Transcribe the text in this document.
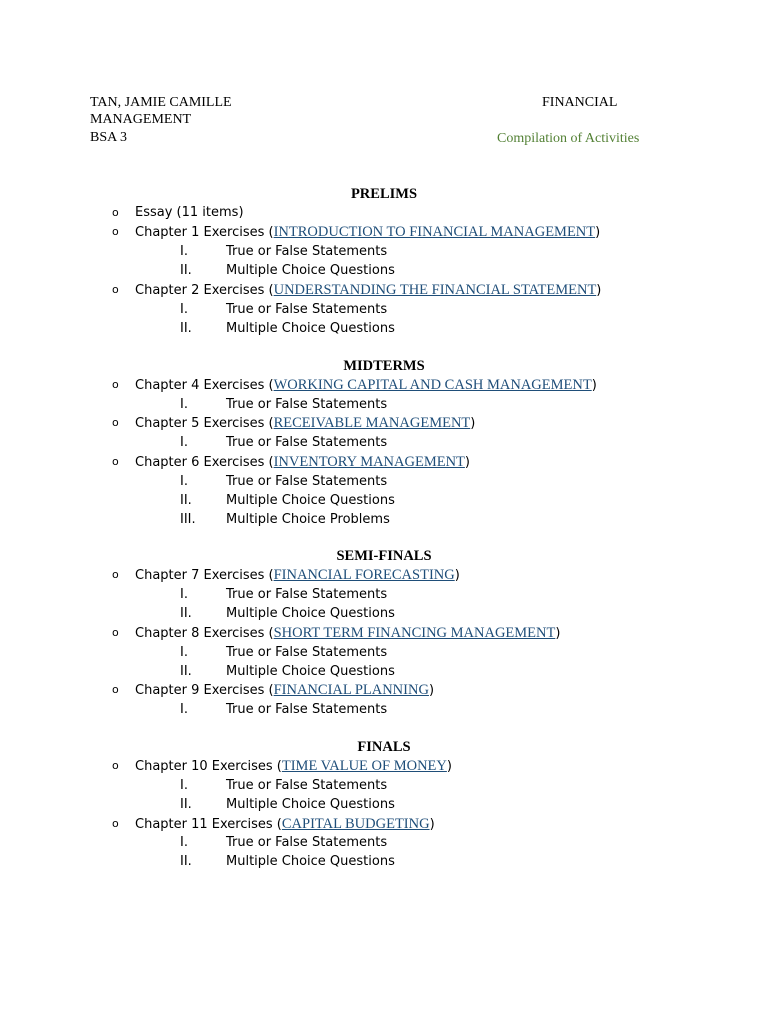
TAN, JAMIE CAMILLE	FINANCIAL
MANAGEMENT
BSA 3	Compilation of Activities
PRELIMS
o Essay (11 items)
o Chapter 1 Exercises (INTRODUCTION TO FINANCIAL MANAGEMENT)
I.	True or False Statements
II.	Multiple Choice Questions
o Chapter 2 Exercises (UNDERSTANDING THE FINANCIAL STATEMENT)
I.	True or False Statements
II.	Multiple Choice Questions
MIDTERMS
o Chapter 4 Exercises (WORKING CAPITAL AND CASH MANAGEMENT)
I.	True or False Statements
o Chapter 5 Exercises (RECEIVABLE MANAGEMENT)
I.	True or False Statements
o Chapter 6 Exercises (INVENTORY MANAGEMENT)
I.	True or False Statements
II.	Multiple Choice Questions
III. Multiple Choice Problems
SEMI-FINALS
o Chapter 7 Exercises (FINANCIAL FORECASTING)
I.	True or False Statements
II.	Multiple Choice Questions
o Chapter 8 Exercises (SHORT TERM FINANCING MANAGEMENT)
I.	True or False Statements
II.	Multiple Choice Questions
o Chapter 9 Exercises (FINANCIAL PLANNING)
I.	True or False Statements
FINALS
o Chapter 10 Exercises (TIME VALUE OF MONEY)
I.	True or False Statements
II.	Multiple Choice Questions
o Chapter 11 Exercises (CAPITAL BUDGETING)
I.	True or False Statements
II.	Multiple Choice Questions
